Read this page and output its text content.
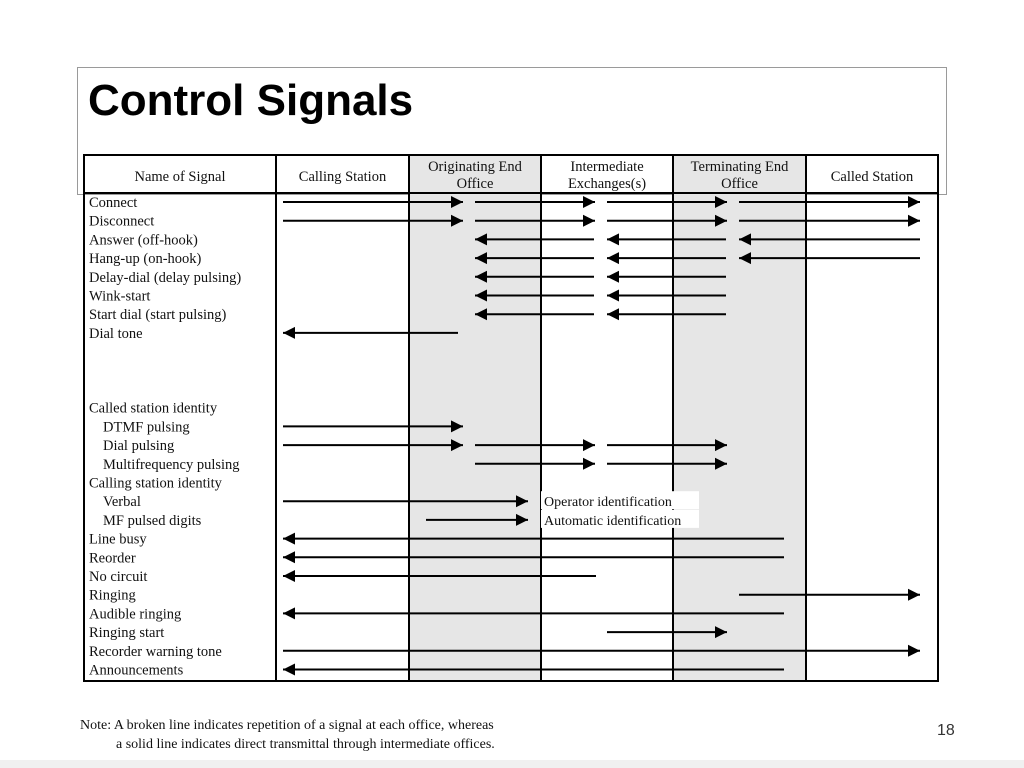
Control Signals
Name of Signal	Calling Station
Originating End Office
Intermediate Exchanges(s)
Terminating End Office	Called Station
Connect
Disconnect
Answer (off-hook)
Hang-up (on-hook)
Delay-dial (delay pulsing)
Wink-start
Start dial (start pulsing)
Dial tone
Called station identity
DTMF pulsing
Dial pulsing
Multifrequency pulsing
Calling station identity
Verbal
MF pulsed digits
Line busy
Reorder
No circuit
Ringing
Audible ringing
Ringing start
Recorder warning tone
Announcements
Operator identification
Automatic identification
Note: A broken line indicates repetition of a signal at each office, whereas
a solid line indicates direct transmittal through intermediate offices.
18
